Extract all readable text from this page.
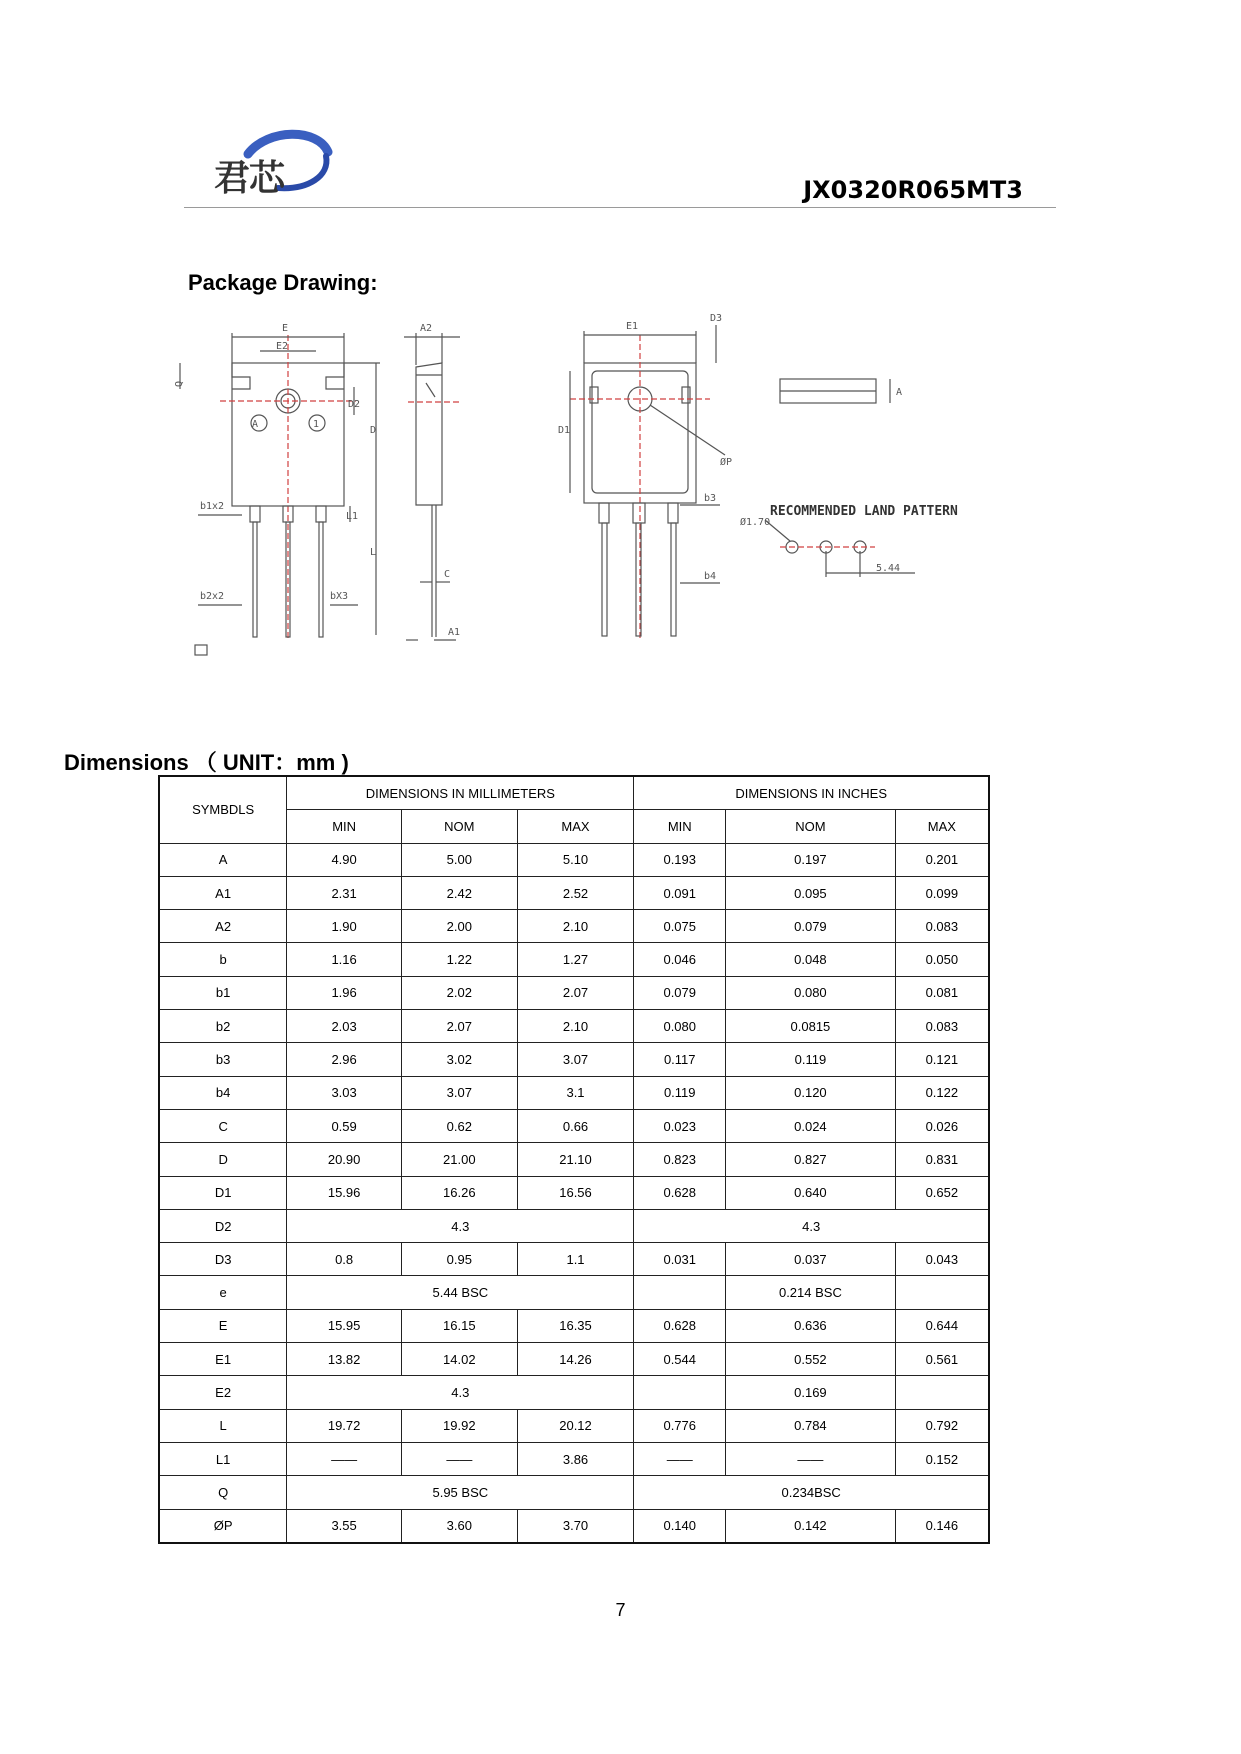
君芯	JX0320R065MT3
Package Drawing:
E
E2
Q
D2
D
b1x2
L1
L
b2x2	bX3
A	1
A2
C
A1
E1
D3
D1
ØP
b3
b4
A
RECOMMENDED LAND PATTERN
Ø1.70
5.44
Dimensions （ UNIT：mm )
SYMBDLS	DIMENSIONS IN MILLIMETERS			DIMENSIONS IN INCHES		
	MIN	NOM	MAX	MIN	NOM	MAX
A	4.90	5.00	5.10	0.193	0.197	0.201
A1	2.31	2.42	2.52	0.091	0.095	0.099
A2	1.90	2.00	2.10	0.075	0.079	0.083
b	1.16	1.22	1.27	0.046	0.048	0.050
b1	1.96	2.02	2.07	0.079	0.080	0.081
b2	2.03	2.07	2.10	0.080	0.0815	0.083
b3	2.96	3.02	3.07	0.117	0.119	0.121
b4	3.03	3.07	3.1	0.119	0.120	0.122
C	0.59	0.62	0.66	0.023	0.024	0.026
D	20.90	21.00	21.10	0.823	0.827	0.831
D1	15.96	16.26	16.56	0.628	0.640	0.652
D2	4.3			4.3		
D3	0.8	0.95	1.1	0.031	0.037	0.043
e	5.44 BSC				0.214 BSC	
E	15.95	16.15	16.35	0.628	0.636	0.644
E1	13.82	14.02	14.26	0.544	0.552	0.561
E2	4.3				0.169	
L	19.72	19.92	20.12	0.776	0.784	0.792
L1	——	——	3.86	——	——	0.152
Q	5.95 BSC			0.234BSC		
ØP	3.55	3.60	3.70	0.140	0.142	0.146
7
